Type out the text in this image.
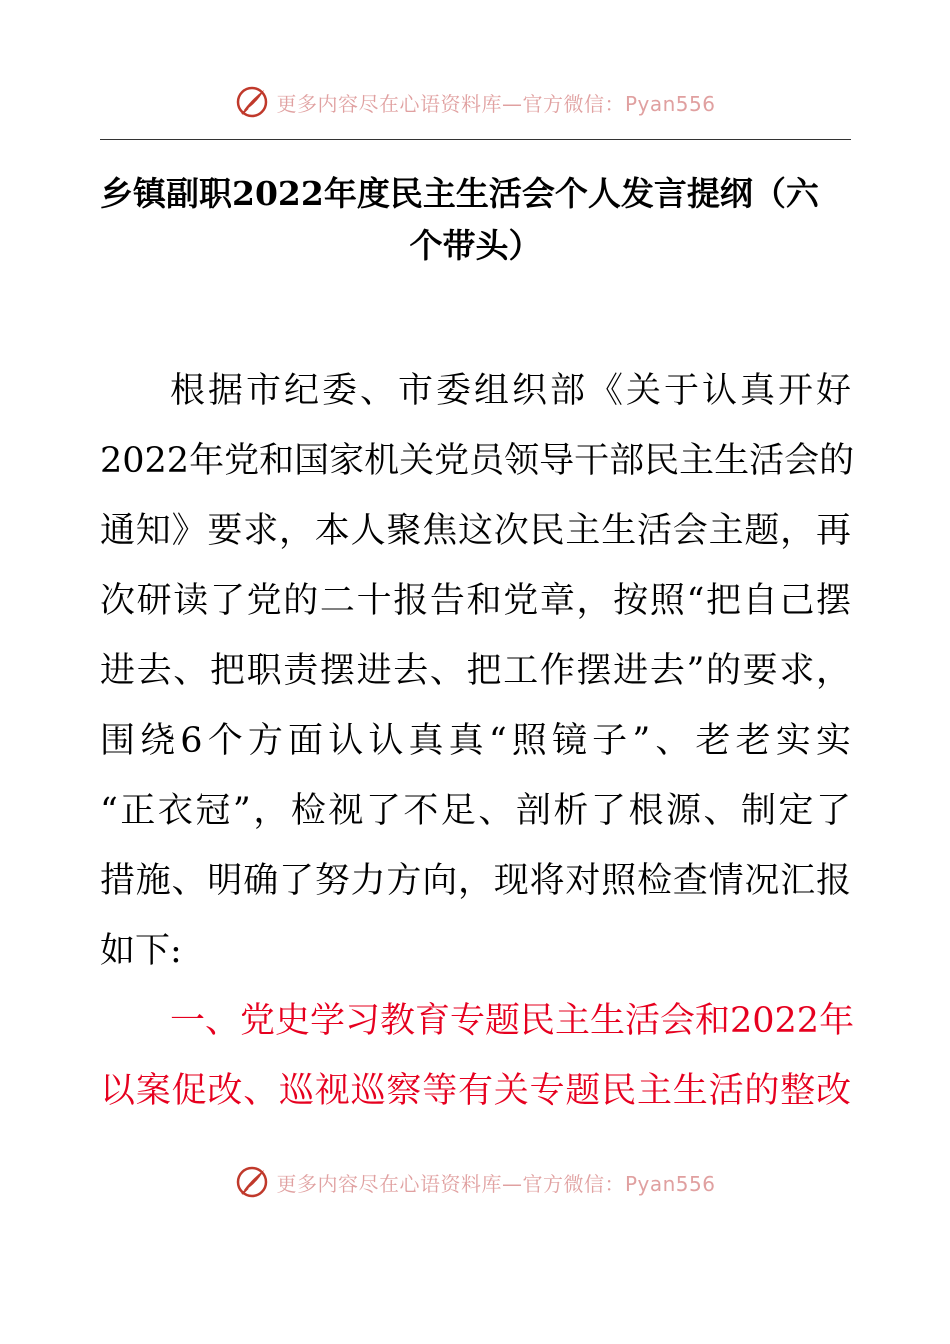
更多内容尽在心语资料库—官方微信：Pyan556
乡镇副职2022年度民主生活会个人发言提纲（六
个带头）
根据市纪委、市委组织部《关于认真开好
2022年党和国家机关党员领导干部民主生活会的
通知》要求，本人聚焦这次民主生活会主题，再
次研读了党的二十报告和党章，按照“把自己摆
进去、把职责摆进去、把工作摆进去”的要求，
围绕6个方面认认真真“照镜子”、老老实实
“正衣冠”，检视了不足、剖析了根源、制定了
措施、明确了努力方向，现将对照检查情况汇报
如下:
一、党史学习教育专题民主生活会和2022年
以案促改、巡视巡察等有关专题民主生活的整改
更多内容尽在心语资料库—官方微信：Pyan556
